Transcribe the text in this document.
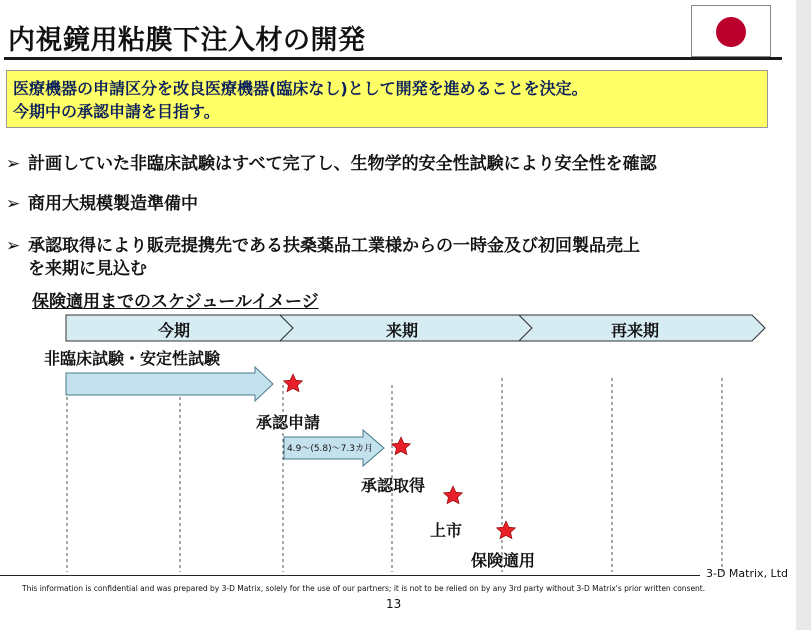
内視鏡用粘膜下注入材の開発
医療機器の申請区分を改良医療機器(臨床なし)として開発を進めることを決定。
今期中の承認申請を目指す。
➢ 計画していた非臨床試験はすべて完了し、生物学的安全性試験により安全性を確認
➢ 商用大規模製造準備中
➢ 承認取得により販売提携先である扶桑薬品工業様からの一時金及び初回製品売上
を来期に見込む
保険適用までのスケジュールイメージ
今期	来期	再来期
非臨床試験・安定性試験
承認申請
4.9〜(5.8)〜7.3カ月
承認取得
上市
保険適用
3-D Matrix, Ltd
This information is confidential and was prepared by 3-D Matrix, solely for the use of our partners; it is not to be relied on by any 3rd party without 3-D Matrix's prior written consent.
13
